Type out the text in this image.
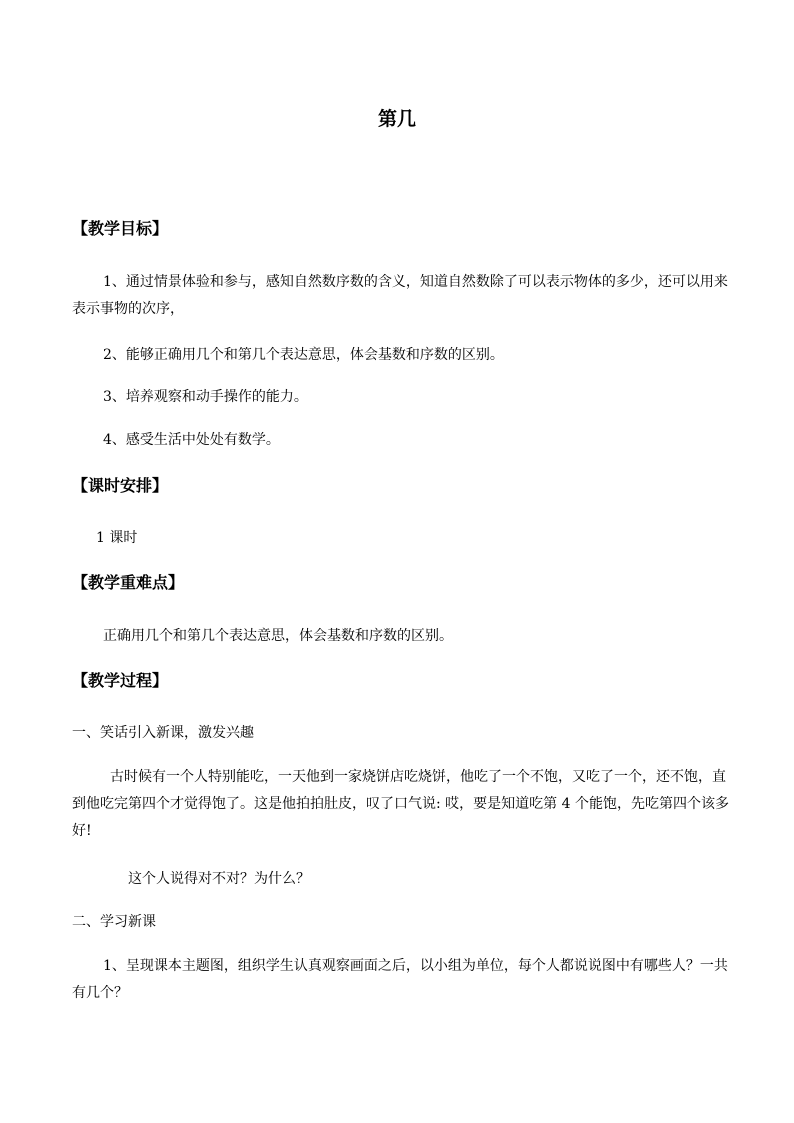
第几
【教学目标】
1、通过情景体验和参与，感知自然数序数的含义，知道自然数除了可以表示物体的多少，还可以用来表示事物的次序，
2、能够正确用几个和第几个表达意思，体会基数和序数的区别。
3、培养观察和动手操作的能力。
4、感受生活中处处有数学。
【课时安排】
1 课时
【教学重难点】
正确用几个和第几个表达意思，体会基数和序数的区别。
【教学过程】
一、笑话引入新课，激发兴趣
古时候有一个人特别能吃，一天他到一家烧饼店吃烧饼，他吃了一个不饱，又吃了一个，还不饱，直到他吃完第四个才觉得饱了。这是他拍拍肚皮，叹了口气说: 哎，要是知道吃第 4 个能饱，先吃第四个该多好!
这个人说得对不对？为什么？
二、学习新课
1、呈现课本主题图，组织学生认真观察画面之后，以小组为单位，每个人都说说图中有哪些人？一共有几个？
